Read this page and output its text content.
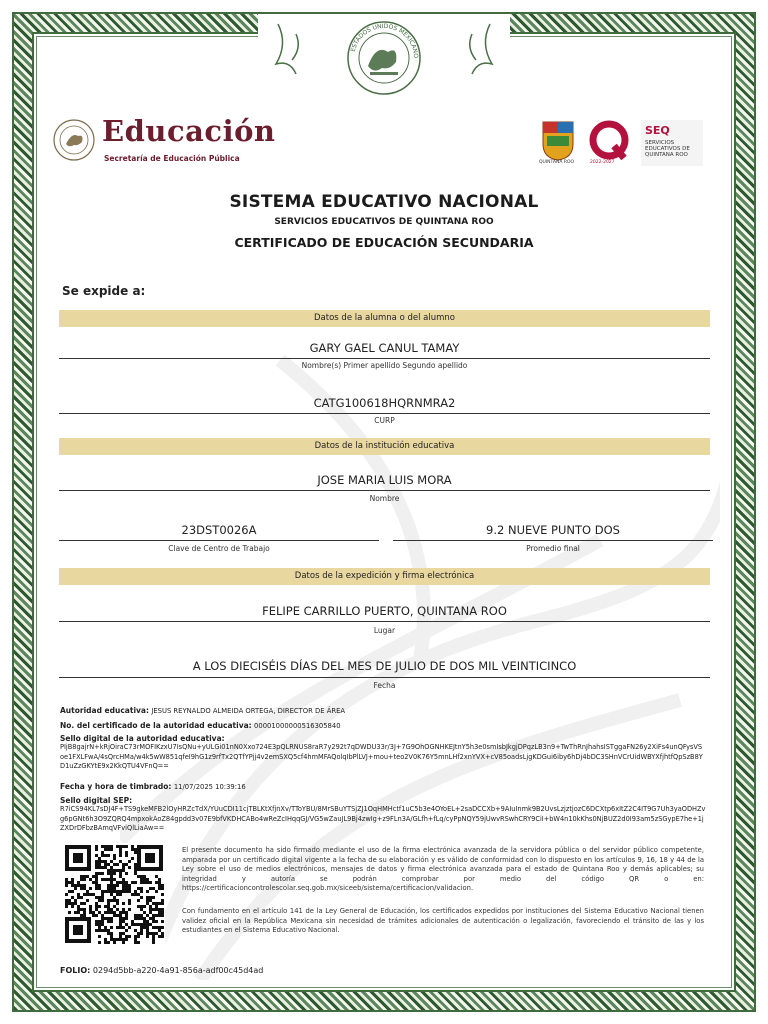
ESTADOS UNIDOS MEXICANO
Educación
Secretaría de Educación Pública	QUINTANA ROO	2022-2027
SEQ
SERVICIOS EDUCATIVOS DE QUINTANA ROO
SISTEMA EDUCATIVO NACIONAL
SERVICIOS EDUCATIVOS DE QUINTANA ROO
CERTIFICADO DE EDUCACIÓN SECUNDARIA
Se expide a:
Datos de la alumna o del alumno
GARY GAEL CANUL TAMAY
Nombre(s) Primer apellido Segundo apellido
CATG100618HQRNMRA2
CURP
Datos de la institución educativa
JOSE MARIA LUIS MORA
Nombre
23DST0026A
Clave de Centro de Trabajo
9.2 NUEVE PUNTO DOS
Promedio final
Datos de la expedición y firma electrónica
FELIPE CARRILLO PUERTO, QUINTANA ROO
Lugar
A LOS DIECISÉIS DÍAS DEL MES DE JULIO DE DOS MIL VEINTICINCO
Fecha
Autoridad educativa: JESUS REYNALDO ALMEIDA ORTEGA, DIRECTOR DE ÁREA
No. del certificado de la autoridad educativa: 00001000000516305840
Sello digital de la autoridad educativa:
PIjB8gajrN+kRjOiraC73rMOFIKzxU7IsQNu+yULGi01nN0Xxo724E3pQLRNUS8raR7y292t7qDWDU33r/3J+7G9OhOGNHKEJtnY5h3e0smIsbJkgjDPqzLB3n9+TwThRnJhahsISTggaFN26y2XiFs4unQFysVSoe1FXLFwA/4sQrcHMa/w4k5wW851qfeI9hG1z9rfTx2QTfYPjj4v2emSXQ5cf4hmMFAQolqIbPlLVJ+mou+teo2V0K76Y5mnLHf2xnYVX+cV85oadsLjgKDGui6iby6hDj4bDC3SHnVCrUidWBYXfjhtfQpSzB8YD1uZzGKYtE9x2KkQTU4VFnQ==
Fecha y hora de timbrado: 11/07/2025 10:39:16
Sello digital SEP:
R7iCS94KL7sDJ4F+TS9gkeMFB2lOyHRZcTdX/YUuCDI11cjTBLKtXfjnXv/TToYBU/8MrSBuYTSjZJ1OqHMHctf1uC5b3e4OYoEL+2saDCCXb+9AIuInmk9B2UvsLzjztjozC6DCXtp6xItZ2C4IT9G7Uh3yaODHZvg6pGNt6h3O9ZQRQ4mpxokAoZ84gpdd3v07E9bfVKDHCABo4wReZcIHqqGJ/VG5wZauJL9Bj4zwIg+z9FLn3A/GLfh+fLq/cyPpNQY59jUwvRSwhCRY9CiI+bW4n10kKhs0NjBUZ2d0I93am5zSGypE7he+1jZXDrDFbzBAmqVFviQlLiaAw==
El presente documento ha sido firmado mediante el uso de la firma electrónica avanzada de la servidora pública o del servidor público competente, amparada por un certificado digital vigente a la fecha de su elaboración y es válido de conformidad con lo dispuesto en los artículos 9, 16, 18 y 44 de la Ley sobre el uso de medios electrónicos, mensajes de datos y firma electrónica avanzada para el estado de Quintana Roo y demás aplicables; su integridad y autoría se podrán comprobar por medio del código QR o en: https://certificacioncontrolescolar.seq.gob.mx/siceeb/sistema/certificacion/validacion.
Con fundamento en el artículo 141 de la Ley General de Educación, los certificados expedidos por instituciones del Sistema Educativo Nacional tienen validez oficial en la República Mexicana sin necesidad de trámites adicionales de autenticación o legalización, favoreciendo el tránsito de las y los estudiantes en el Sistema Educativo Nacional.
FOLIO: 0294d5bb-a220-4a91-856a-adf00c45d4ad
